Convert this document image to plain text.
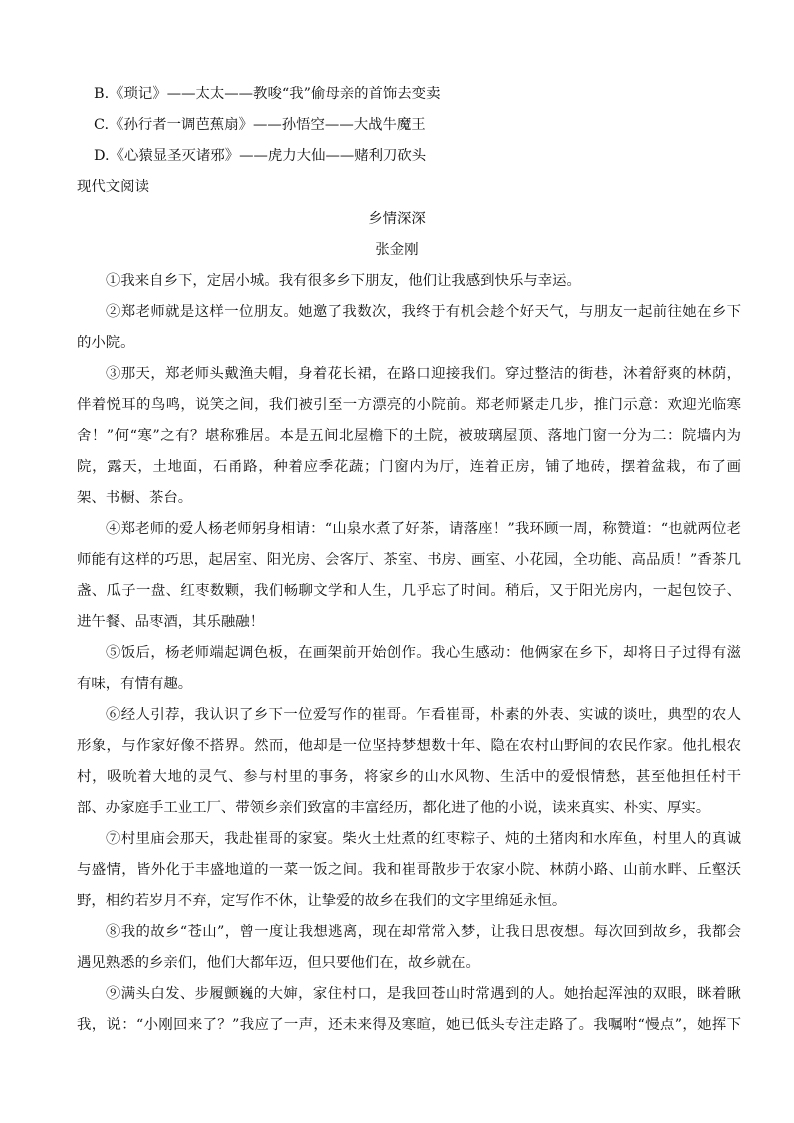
B.《琐记》——太太——教唆“我”偷母亲的首饰去变卖
C.《孙行者一调芭蕉扇》——孙悟空——大战牛魔王
D.《心猿显圣灭诸邪》——虎力大仙——赌利刀砍头
现代文阅读
乡情深深
张金刚
①我来自乡下，定居小城。我有很多乡下朋友，他们让我感到快乐与幸运。
②郑老师就是这样一位朋友。她邀了我数次，我终于有机会趁个好天气，与朋友一起前往她在乡下
的小院。
③那天，郑老师头戴渔夫帽，身着花长裙，在路口迎接我们。穿过整洁的街巷，沐着舒爽的林荫，
伴着悦耳的鸟鸣，说笑之间，我们被引至一方漂亮的小院前。郑老师紧走几步，推门示意：欢迎光临寒
舍！”何“寒”之有？堪称雅居。本是五间北屋檐下的土院，被玻璃屋顶、落地门窗一分为二：院墙内为
院，露天，土地面，石甬路，种着应季花蔬；门窗内为厅，连着正房，铺了地砖，摆着盆栽，布了画
架、书橱、茶台。
④郑老师的爱人杨老师躬身相请：“山泉水煮了好茶，请落座！”我环顾一周，称赞道：“也就两位老
师能有这样的巧思，起居室、阳光房、会客厅、茶室、书房、画室、小花园，全功能、高品质！”香茶几
盏、瓜子一盘、红枣数颗，我们畅聊文学和人生，几乎忘了时间。稍后，又于阳光房内，一起包饺子、
进午餐、品枣酒，其乐融融！
⑤饭后，杨老师端起调色板，在画架前开始创作。我心生感动：他俩家在乡下，却将日子过得有滋
有味，有情有趣。
⑥经人引荐，我认识了乡下一位爱写作的崔哥。乍看崔哥，朴素的外表、实诚的谈吐，典型的农人
形象，与作家好像不搭界。然而，他却是一位坚持梦想数十年、隐在农村山野间的农民作家。他扎根农
村，吸吮着大地的灵气、参与村里的事务，将家乡的山水风物、生活中的爱恨情愁，甚至他担任村干
部、办家庭手工业工厂、带领乡亲们致富的丰富经历，都化进了他的小说，读来真实、朴实、厚实。
⑦村里庙会那天，我赴崔哥的家宴。柴火土灶煮的红枣粽子、炖的土猪肉和水库鱼，村里人的真诚
与盛情，皆外化于丰盛地道的一菜一饭之间。我和崔哥散步于农家小院、林荫小路、山前水畔、丘壑沃
野，相约若岁月不弃，定写作不休，让挚爱的故乡在我们的文字里绵延永恒。
⑧我的故乡“苍山”，曾一度让我想逃离，现在却常常入梦，让我日思夜想。每次回到故乡，我都会
遇见熟悉的乡亲们，他们大都年迈，但只要他们在，故乡就在。
⑨满头白发、步履颤巍的大婶，家住村口，是我回苍山时常遇到的人。她抬起浑浊的双眼，眯着瞅
我，说：“小刚回来了？”我应了一声，还未来得及寒暄，她已低头专注走路了。我嘱咐“慢点”，她挥下
